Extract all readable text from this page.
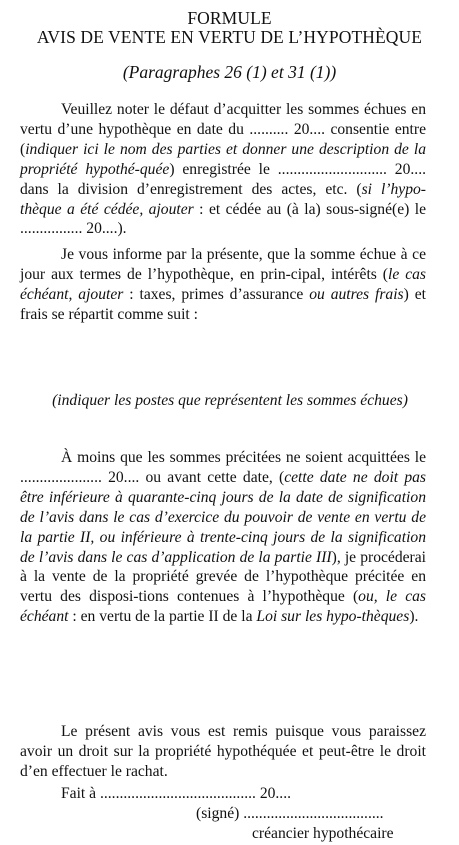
FORMULE
AVIS DE VENTE EN VERTU DE L’HYPOTHÈQUE
(Paragraphes 26 (1) et 31 (1))
Veuillez noter le défaut d’acquitter les sommes échues en vertu d’une hypothèque en date du .......... 20.... consentie entre (indiquer ici le nom des parties et donner une description de la propriété hypothé-quée) enregistrée le ............................ 20.... dans la division d’enregistrement des actes, etc. (si l’hypo-thèque a été cédée, ajouter : et cédée au (à la) sous-signé(e) le ................ 20....).
Je vous informe par la présente, que la somme échue à ce jour aux termes de l’hypothèque, en prin-cipal, intérêts (le cas échéant, ajouter : taxes, primes d’assurance ou autres frais) et frais se répartit comme suit :
(indiquer les postes que représentent les sommes échues)
À moins que les sommes précitées ne soient acquittées le ..................... 20.... ou avant cette date, (cette date ne doit pas être inférieure à quarante-cinq jours de la date de signification de l’avis dans le cas d’exercice du pouvoir de vente en vertu de la partie II, ou inférieure à trente-cinq jours de la signification de l’avis dans le cas d’application de la partie III), je procéderai à la vente de la propriété grevée de l’hypothèque précitée en vertu des disposi-tions contenues à l’hypothèque (ou, le cas échéant : en vertu de la partie II de la Loi sur les hypo-thèques).
Le présent avis vous est remis puisque vous paraissez avoir un droit sur la propriété hypothéquée et peut-être le droit d’en effectuer le rachat.
Fait à ........................................ 20....
(signé) ....................................
créancier hypothécaire
